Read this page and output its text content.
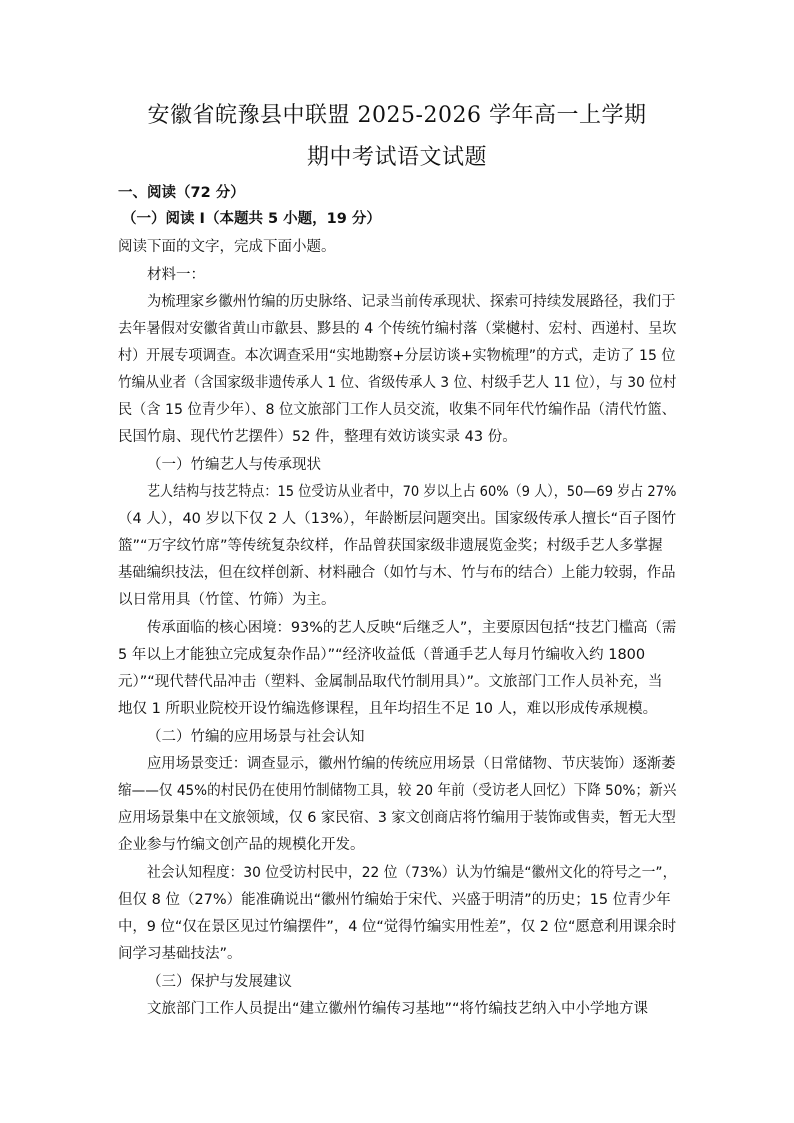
安徽省皖豫县中联盟 2025-2026 学年高一上学期
期中考试语文试题
一、阅读（72 分）
（一）阅读 I（本题共 5 小题，19 分）
阅读下面的文字，完成下面小题。
材料一：
为梳理家乡徽州竹编的历史脉络、记录当前传承现状、探索可持续发展路径，我们于
去年暑假对安徽省黄山市歙县、黟县的 4 个传统竹编村落（棠樾村、宏村、西递村、呈坎
村）开展专项调查。本次调查采用“实地勘察+分层访谈+实物梳理”的方式，走访了 15 位
竹编从业者（含国家级非遗传承人 1 位、省级传承人 3 位、村级手艺人 11 位），与 30 位村
民（含 15 位青少年）、8 位文旅部门工作人员交流，收集不同年代竹编作品（清代竹篮、
民国竹扇、现代竹艺摆件）52 件，整理有效访谈实录 43 份。
（一）竹编艺人与传承现状
艺人结构与技艺特点：15 位受访从业者中，70 岁以上占 60%（9 人），50—69 岁占 27%
（4 人），40 岁以下仅 2 人（13%），年龄断层问题突出。国家级传承人擅长“百子图竹
篮”“万字纹竹席”等传统复杂纹样，作品曾获国家级非遗展览金奖；村级手艺人多掌握
基础编织技法，但在纹样创新、材料融合（如竹与木、竹与布的结合）上能力较弱，作品
以日常用具（竹筐、竹筛）为主。
传承面临的核心困境：93%的艺人反映“后继乏人”，主要原因包括“技艺门槛高（需
5 年以上才能独立完成复杂作品）”“经济收益低（普通手艺人每月竹编收入约 1800
元）”“现代替代品冲击（塑料、金属制品取代竹制用具）”。文旅部门工作人员补充，当
地仅 1 所职业院校开设竹编选修课程，且年均招生不足 10 人，难以形成传承规模。
（二）竹编的应用场景与社会认知
应用场景变迁：调查显示，徽州竹编的传统应用场景（日常储物、节庆装饰）逐渐萎
缩——仅 45%的村民仍在使用竹制储物工具，较 20 年前（受访老人回忆）下降 50%；新兴
应用场景集中在文旅领域，仅 6 家民宿、3 家文创商店将竹编用于装饰或售卖，暂无大型
企业参与竹编文创产品的规模化开发。
社会认知程度：30 位受访村民中，22 位（73%）认为竹编是“徽州文化的符号之一”，
但仅 8 位（27%）能准确说出“徽州竹编始于宋代、兴盛于明清”的历史；15 位青少年
中，9 位“仅在景区见过竹编摆件”，4 位“觉得竹编实用性差”，仅 2 位“愿意利用课余时
间学习基础技法”。
（三）保护与发展建议
文旅部门工作人员提出“建立徽州竹编传习基地”“将竹编技艺纳入中小学地方课
